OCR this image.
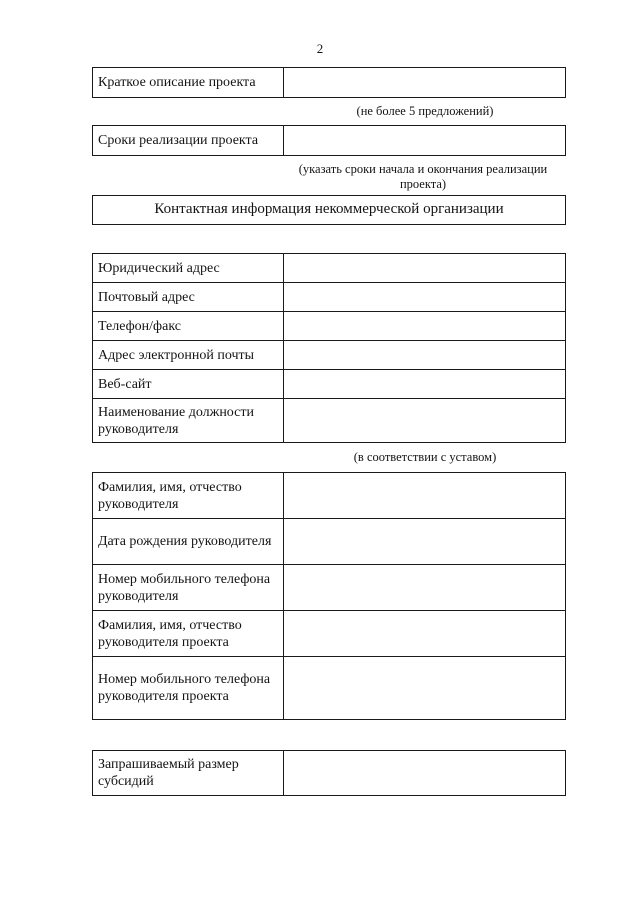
2
Краткое описание проекта	
(не более 5 предложений)
Сроки реализации проекта	
(указать сроки начала и окончания реализации
проекта)
Контактная информация некоммерческой организации
Юридический адрес	
Почтовый адрес	
Телефон/факс	
Адрес электронной почты	
Веб-сайт	
Наименование должности руководителя	
(в соответствии с уставом)
Фамилия, имя, отчество руководителя	
Дата рождения руководителя	
Номер мобильного телефона руководителя	
Фамилия, имя, отчество руководителя проекта	
Номер мобильного телефона руководителя проекта	
Запрашиваемый размер субсидий	
